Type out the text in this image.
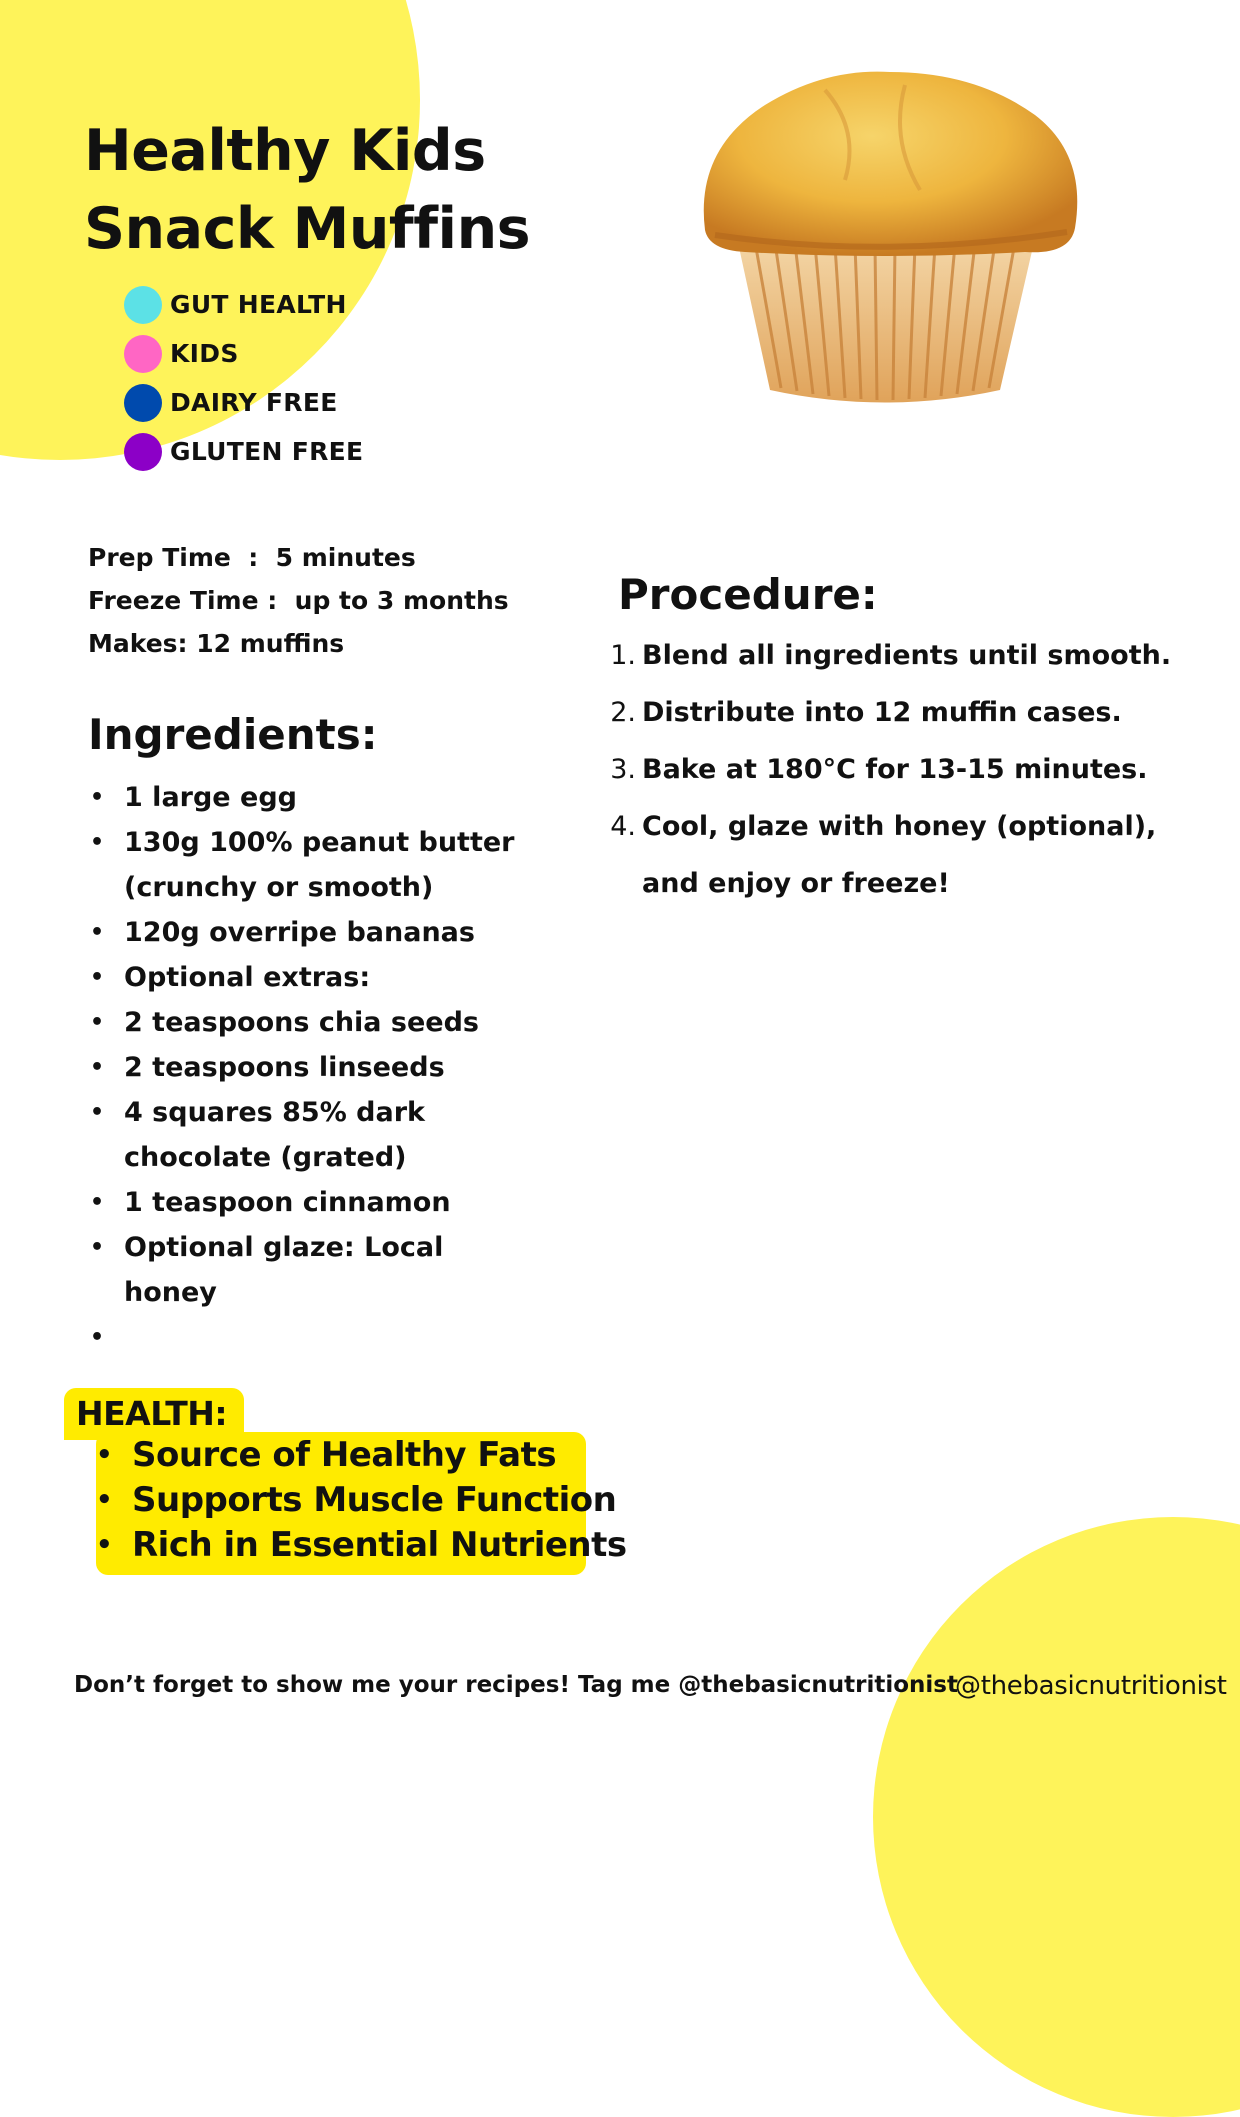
Healthy Kids
Snack Muffins
GUT HEALTH
KIDS
DAIRY FREE
GLUTEN FREE
Prep Time  :  5 minutes
Freeze Time :  up to 3 months
Makes: 12 muffins
Ingredients:
• 1 large egg
• 130g 100% peanut butter (crunchy or smooth)
• 120g overripe bananas
• Optional extras:
• 2 teaspoons chia seeds
• 2 teaspoons linseeds
• 4 squares 85% dark chocolate (grated)
• 1 teaspoon cinnamon
• Optional glaze: Local honey
•
Procedure:
1. Blend all ingredients until smooth.
2. Distribute into 12 muffin cases.
3. Bake at 180°C for 13-15 minutes.
4. Cool, glaze with honey (optional), and enjoy or freeze!
HEALTH:
• Source of Healthy Fats
• Supports Muscle Function
• Rich in Essential Nutrients
Don’t forget to show me your recipes! Tag me @thebasicnutritionist
@thebasicnutritionist
